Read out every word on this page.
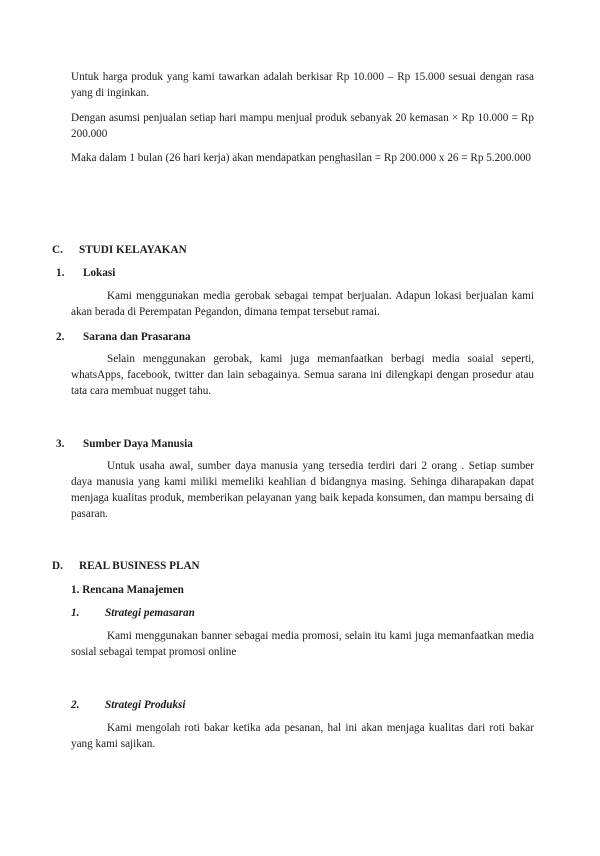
Untuk harga produk yang kami tawarkan adalah berkisar Rp 10.000 – Rp 15.000 sesuai dengan rasa yang di inginkan.

Dengan asumsi penjualan setiap hari mampu menjual produk sebanyak 20 kemasan × Rp 10.000 = Rp 200.000

Maka dalam 1 bulan (26 hari kerja) akan mendapatkan penghasilan = Rp 200.000 x 26 = Rp 5.200.000

C. STUDI KELAYAKAN
1. Lokasi

Kami menggunakan media gerobak sebagai tempat berjualan. Adapun lokasi berjualan kami akan berada di Perempatan Pegandon, dimana tempat tersebut ramai.

2. Sarana dan Prasarana

Selain menggunakan gerobak, kami juga memanfaatkan berbagi media soaial seperti, whatsApps, facebook, twitter dan lain sebagainya. Semua sarana ini dilengkapi dengan prosedur atau tata cara membuat nugget tahu.

3. Sumber Daya Manusia

Untuk usaha awal, sumber daya manusia yang tersedia terdiri dari 2 orang . Setiap sumber daya manusia yang kami miliki memeliki keahlian d bidangnya masing. Sehinga diharapakan dapat menjaga kualitas produk, memberikan pelayanan yang baik kepada konsumen, dan mampu bersaing di pasaran.

D. REAL BUSINESS PLAN
1. Rencana Manajemen
1. Strategi pemasaran

Kami menggunakan banner sebagai media promosi, selain itu kami juga memanfaatkan media sosial sebagai tempat promosi online

2. Strategi Produksi

Kami mengolah roti bakar ketika ada pesanan, hal ini akan menjaga kualitas dari roti bakar yang kami sajikan.
